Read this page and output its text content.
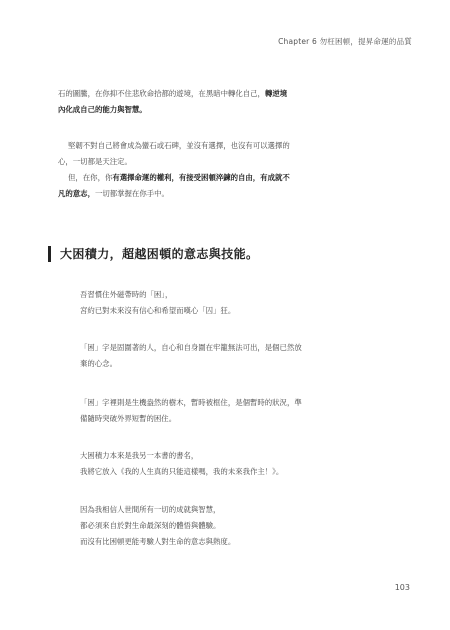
Chapter 6 勿枉困頓，提昇命運的品質
石的圖騰，在你抑不住悲欣命拾都的遊境，在黑暗中轉化自己，轉逆境
內化成自己的能力與智慧。
堅韌不對自己將會成為蠻石或石碑，並沒有選擇，也沒有可以選擇的
心，一切都是天注定。
但，在你，你有選擇命運的權利，有接受困頓淬鍊的自由，有成就不
凡的意志，一切都掌握在你手中。
大困積力，超越困頓的意志與技能。
吾習慣住外磁帶時的「困」，
宮約已對未來沒有信心和希望而嘆心「囚」狂。
「困」字是固圍著的人，自心和自身圍在牢籠無法可出，是個已然放
棄的心念。
「困」字裡則是生機盎然的樹木，暫時被框住，是個暫時的狀況，準
備隨時突破外界短暫的困住。
大困積力本來是我另一本書的書名，
我將它放入《我的人生真的只能這樣嗎，我的未來我作主！》。
因為我相信人世間所有一切的成就與智慧，
都必須來自於對生命最深刻的體悟與體驗。
而沒有比困頓更能考驗人對生命的意志與熱度。
103
